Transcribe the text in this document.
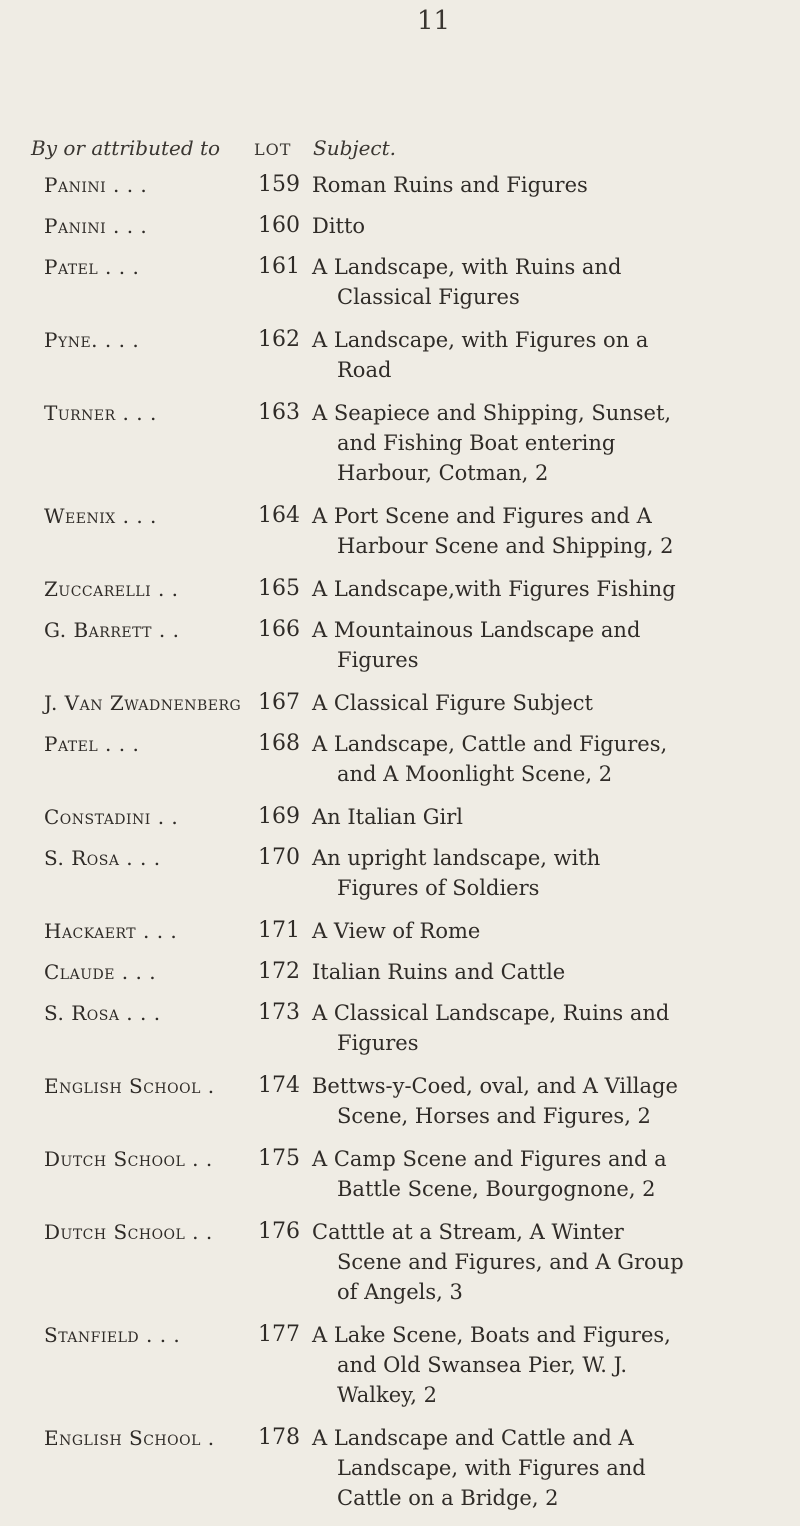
11
By or attributed to LOT Subject.
Panini . . .	159 Roman Ruins and Figures
Panini . . .	160 Ditto
Patel . . .	161 A Landscape, with Ruins and
Classical Figures
Pyne. . . .	162 A Landscape, with Figures on a
Road
Turner . . .	163 A Seapiece and Shipping, Sunset,
and Fishing Boat entering
Harbour, Cotman, 2
Weenix . . .	164 A Port Scene and Figures and A
Harbour Scene and Shipping, 2
Zuccarelli . .	165 A Landscape,with Figures Fishing
G. Barrett . .	166 A Mountainous Landscape and
Figures
J. Van Zwadnenberg 167 A Classical Figure Subject
Patel . . .	168 A Landscape, Cattle and Figures,
and A Moonlight Scene, 2
Constadini . .	169 An Italian Girl
S. Rosa . . .	170 An upright landscape, with
Figures of Soldiers
Hackaert . . .	171 A View of Rome
Claude . . .	172 Italian Ruins and Cattle
S. Rosa . . .	173 A Classical Landscape, Ruins and
Figures
English School .	174 Bettws-y-Coed, oval, and A Village
Scene, Horses and Figures, 2
Dutch School . .	175 A Camp Scene and Figures and a
Battle Scene, Bourgognone, 2
Dutch School . .	176 Catttle at a Stream, A Winter
Scene and Figures, and A Group
of Angels, 3
Stanfield . . .	177 A Lake Scene, Boats and Figures,
and Old Swansea Pier, W. J.
Walkey, 2
English School .	178 A Landscape and Cattle and A
Landscape, with Figures and
Cattle on a Bridge, 2
